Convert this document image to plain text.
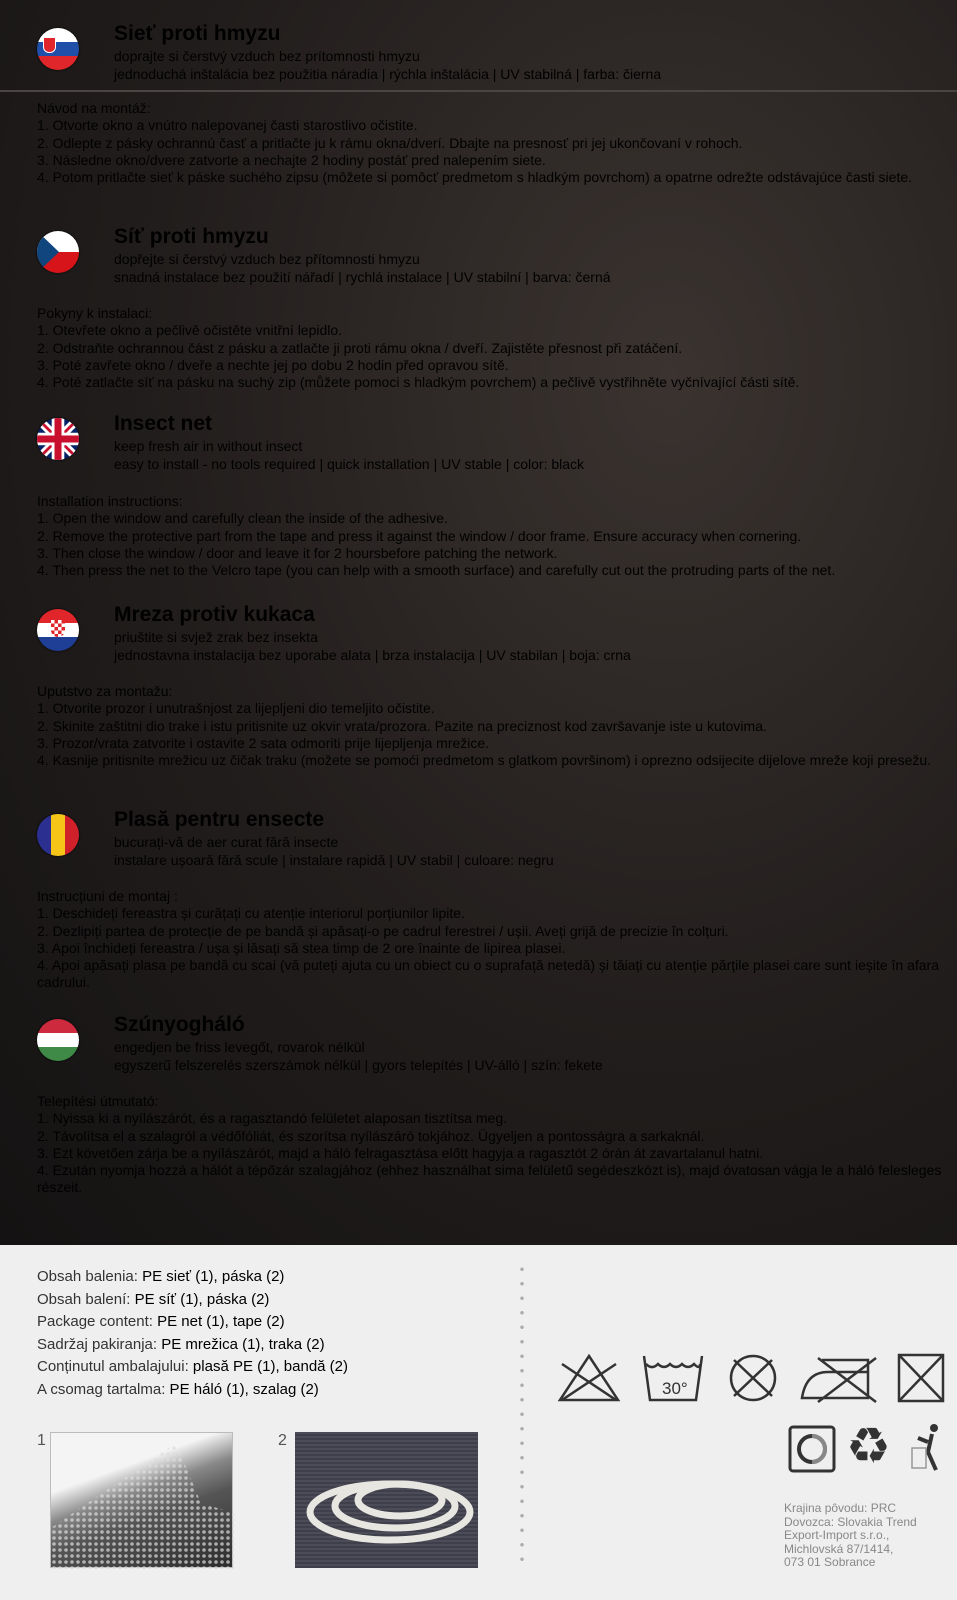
Sieť proti hmyzu
doprajte si čerstvý vzduch bez prítomnosti hmyzu
jednoduchá inštalácia bez použitia náradia | rýchla inštalácia | UV stabilná | farba: čierna
Návod na montáž:
1. Otvorte okno a vnútro nalepovanej časti starostlivo očistite.
2. Odlepte z pásky ochrannú časť a pritlačte ju k rámu okna/dverí. Dbajte na presnosť pri jej ukončovaní v rohoch.
3. Následne okno/dvere zatvorte a nechajte 2 hodiny postáť pred nalepením siete.
4. Potom pritlačte sieť k páske suchého zipsu (môžete si pomôcť predmetom s hladkým povrchom) a opatrne odrežte odstávajúce časti siete.
Síť proti hmyzu
dopřejte si čerstvý vzduch bez přítomnosti hmyzu
snadná instalace bez použití nářadí | rychlá instalace | UV stabilní | barva: černá
Pokyny k instalaci:
1. Otevřete okno a pečlivě očistěte vnitřní lepidlo.
2. Odstraňte ochrannou část z pásku a zatlačte ji proti rámu okna / dveří. Zajistěte přesnost při zatáčení.
3. Poté zavřete okno / dveře a nechte jej po dobu 2 hodin před opravou sítě.
4. Poté zatlačte síť na pásku na suchý zip (můžete pomoci s hladkým povrchem) a pečlivě vystřihněte vyčnívající části sítě.
Insect net
keep fresh air in without insect
easy to install - no tools required | quick installation | UV stable | color: black
Installation instructions:
1. Open the window and carefully clean the inside of the adhesive.
2. Remove the protective part from the tape and press it against the window / door frame. Ensure accuracy when cornering.
3. Then close the window / door and leave it for 2 hoursbefore patching the network.
4. Then press the net to the Velcro tape (you can help with a smooth surface) and carefully cut out the protruding parts of the net.
Mreza protiv kukaca
priuštite si svjež zrak bez insekta
jednostavna instalacija bez uporabe alata | brza instalacija | UV stabilan | boja: crna
Uputstvo za montažu:
1. Otvorite prozor i unutrašnjost za lijepljeni dio temeljito očistite.
2. Skinite zaštitni dio trake i istu pritisnite uz okvir vrata/prozora. Pazite na preciznost kod završavanje iste u kutovima.
3. Prozor/vrata zatvorite i ostavite 2 sata odmoriti prije lijepljenja mrežice.
4. Kasnije pritisnite mrežicu uz čičak traku (možete se pomoći predmetom s glatkom površinom) i oprezno odsijecite dijelove mreže koji presežu.
Plasă pentru ensecte
bucurați-vă de aer curat fără insecte
instalare ușoară fără scule | instalare rapidă | UV stabil | culoare: negru
Instrucțiuni de montaj :
1. Deschideți fereastra și curățați cu atenție interiorul porțiunilor lipite.
2. Dezlipiți partea de protecție de pe bandă și apăsați-o pe cadrul ferestrei / ușii. Aveți grijă de precizie în colțuri.
3. Apoi închideți fereastra / ușa și lăsați să stea timp de 2 ore înainte de lipirea plasei.
4. Apoi apăsați plasa pe bandă cu scai (vă puteți ajuta cu un obiect cu o suprafață netedă) și tăiați cu atenție părțile plasei care sunt ieșite în afara cadrului.
Szúnyogháló
engedjen be friss levegőt, rovarok nélkül
egyszerű felszerelés szerszámok nélkül | gyors telepítés | UV-álló | szín: fekete
Telepítési útmutató:
1. Nyissa ki a nyílászárót, és a ragasztandó felületet alaposan tisztítsa meg.
2. Távolítsa el a szalagról a védőfóliát, és szorítsa nyílászáró tokjához. Ügyeljen a pontosságra a sarkaknál.
3. Ezt követően zárja be a nyílászárót, majd a háló felragasztása előtt hagyja a ragasztót 2 órán át zavartalanul hatni.
4. Ezután nyomja hozzá a hálót a tépőzár szalagjához (ehhez használhat sima felületű segédeszközt is), majd óvatosan vágja le a háló felesleges részeit.
Obsah balenia: PE sieť (1), páska (2)
Obsah balení: PE síť (1), páska (2)
Package content: PE net (1), tape (2)
Sadržaj pakiranja: PE mrežica (1), traka (2)
Conținutul ambalajului: plasă PE (1), bandă (2)
A csomag tartalma: PE háló (1), szalag (2)
1	2
30°
♻
Krajina pôvodu: PRC
Dovozca: Slovakia Trend
Export-Import s.r.o.,
Michlovská 87/1414,
073 01 Sobrance
